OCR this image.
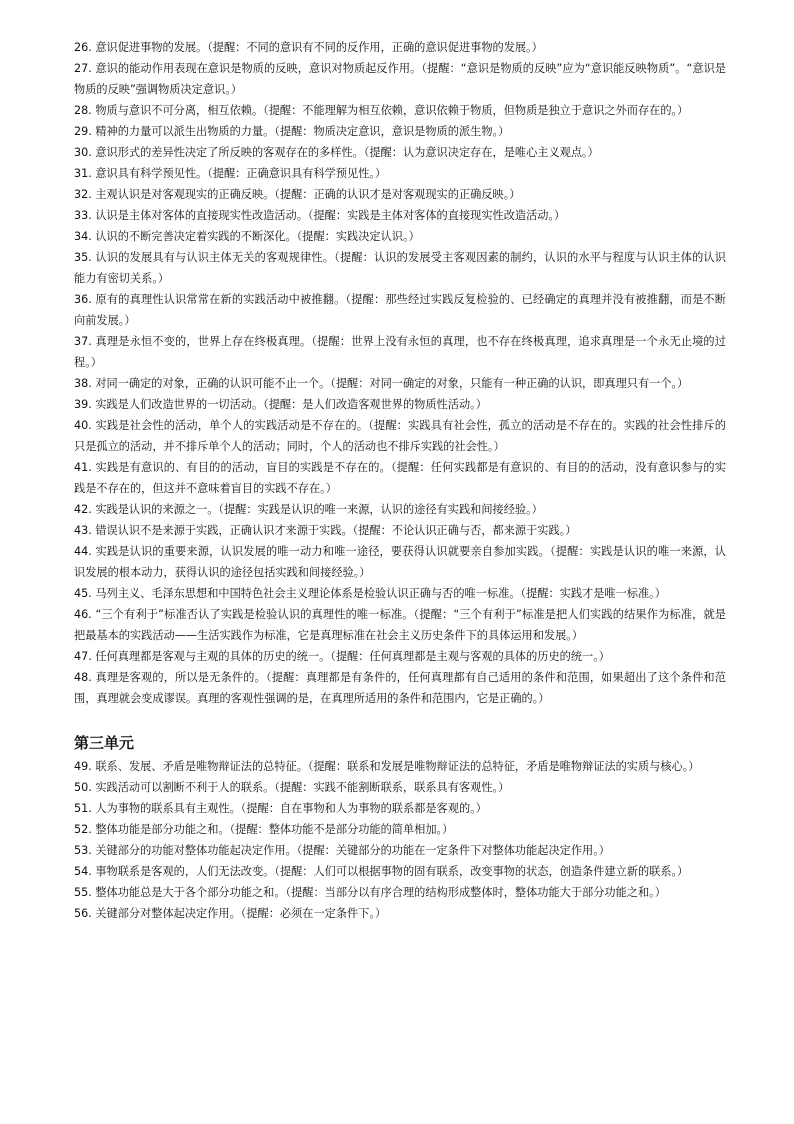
26. 意识促进事物的发展。（提醒：不同的意识有不同的反作用，正确的意识促进事物的发展。）

27. 意识的能动作用表现在意识是物质的反映，意识对物质起反作用。（提醒：“意识是物质的反映”应为“意识能反映物质”。“意识是物质的反映”强调物质决定意识。）

28. 物质与意识不可分离，相互依赖。（提醒：不能理解为相互依赖，意识依赖于物质，但物质是独立于意识之外而存在的。）

29. 精神的力量可以派生出物质的力量。（提醒：物质决定意识，意识是物质的派生物。）

30. 意识形式的差异性决定了所反映的客观存在的多样性。（提醒：认为意识决定存在，是唯心主义观点。）

31. 意识具有科学预见性。（提醒：正确意识具有科学预见性。）

32. 主观认识是对客观现实的正确反映。（提醒：正确的认识才是对客观现实的正确反映。）

33. 认识是主体对客体的直接现实性改造活动。（提醒：实践是主体对客体的直接现实性改造活动。）

34. 认识的不断完善决定着实践的不断深化。（提醒：实践决定认识。）

35. 认识的发展具有与认识主体无关的客观规律性。（提醒：认识的发展受主客观因素的制约，认识的水平与程度与认识主体的认识能力有密切关系。）

36. 原有的真理性认识常常在新的实践活动中被推翻。（提醒：那些经过实践反复检验的、已经确定的真理并没有被推翻，而是不断向前发展。）

37. 真理是永恒不变的，世界上存在终极真理。（提醒：世界上没有永恒的真理，也不存在终极真理，追求真理是一个永无止境的过程。）

38. 对同一确定的对象，正确的认识可能不止一个。（提醒：对同一确定的对象，只能有一种正确的认识，即真理只有一个。）

39. 实践是人们改造世界的一切活动。（提醒：是人们改造客观世界的物质性活动。）

40. 实践是社会性的活动，单个人的实践活动是不存在的。（提醒：实践具有社会性，孤立的活动是不存在的。实践的社会性排斥的只是孤立的活动，并不排斥单个人的活动；同时，个人的活动也不排斥实践的社会性。）

41. 实践是有意识的、有目的的活动，盲目的实践是不存在的。（提醒：任何实践都是有意识的、有目的的活动，没有意识参与的实践是不存在的，但这并不意味着盲目的实践不存在。）

42. 实践是认识的来源之一。（提醒：实践是认识的唯一来源，认识的途径有实践和间接经验。）

43. 错误认识不是来源于实践，正确认识才来源于实践。（提醒：不论认识正确与否，都来源于实践。）

44. 实践是认识的重要来源，认识发展的唯一动力和唯一途径，要获得认识就要亲自参加实践。（提醒：实践是认识的唯一来源，认识发展的根本动力，获得认识的途径包括实践和间接经验。）

45. 马列主义、毛泽东思想和中国特色社会主义理论体系是检验认识正确与否的唯一标准。（提醒：实践才是唯一标准。）

46. “三个有利于”标准否认了实践是检验认识的真理性的唯一标准。（提醒：“三个有利于”标准是把人们实践的结果作为标准，就是把最基本的实践活动——生活实践作为标准，它是真理标准在社会主义历史条件下的具体运用和发展。）

47. 任何真理都是客观与主观的具体的历史的统一。（提醒：任何真理都是主观与客观的具体的历史的统一。）

48. 真理是客观的，所以是无条件的。（提醒：真理都是有条件的，任何真理都有自己适用的条件和范围，如果超出了这个条件和范围，真理就会变成谬误。真理的客观性强调的是，在真理所适用的条件和范围内，它是正确的。）

第三单元

49. 联系、发展、矛盾是唯物辩证法的总特征。（提醒：联系和发展是唯物辩证法的总特征，矛盾是唯物辩证法的实质与核心。）

50. 实践活动可以割断不利于人的联系。（提醒：实践不能割断联系，联系具有客观性。）

51. 人为事物的联系具有主观性。（提醒：自在事物和人为事物的联系都是客观的。）

52. 整体功能是部分功能之和。（提醒：整体功能不是部分功能的简单相加。）

53. 关键部分的功能对整体功能起决定作用。（提醒：关键部分的功能在一定条件下对整体功能起决定作用。）

54. 事物联系是客观的，人们无法改变。（提醒：人们可以根据事物的固有联系，改变事物的状态，创造条件建立新的联系。）

55. 整体功能总是大于各个部分功能之和。（提醒：当部分以有序合理的结构形成整体时，整体功能大于部分功能之和。）

56. 关键部分对整体起决定作用。（提醒：必须在一定条件下。）
